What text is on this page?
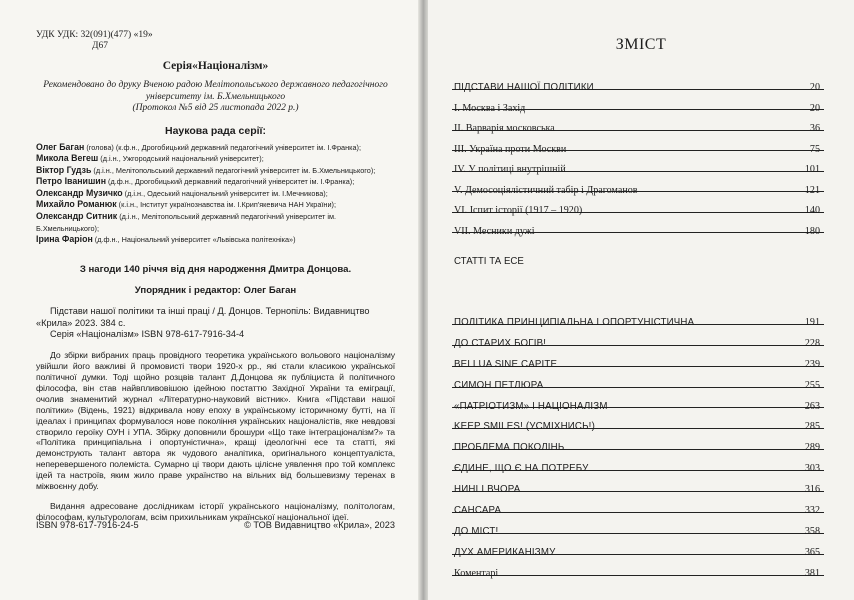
УДК УДК: 32(091)(477) «19»
Д67
Серія«Націоналізм»
Рекомендовано до друку Вченою радою Мелітопольського державного педагогічного
університету ім. Б.Хмельницького
(Протокол №5 від 25 листопада 2022 р.)
Наукова рада серії:
Олег Баган (голова) (к.ф.н., Дрогобицький державний педагогічний університет ім. І.Франка);
Микола Вегеш (д.і.н., Ужгородський національний університет);
Віктор Гудзь (д.і.н., Мелітопольський державний педагогічний університет ім. Б.Хмельницького);
Петро Іванишин (д.ф.н., Дрогобицький державний педагогічний університет ім. І.Франка);
Олександр Музичко (д.і.н., Одеський національний університет ім. І.Мечникова);
Михайло Романюк (к.і.н., Інститут українознавства ім. І.Крип'якевича НАН України);
Олександр Ситник (д.і.н., Мелітопольський державний педагогічний університет ім. Б.Хмельницького);
Ірина Фаріон (д.ф.н., Національний університет «Львівська політехніка»)
З нагоди 140 річчя від дня народження Дмитра Донцова.
Упорядник і редактор: Олег Баган
Підстави нашої політики та інші праці / Д. Донцов. Тернопіль: Видавництво «Крила» 2023. 384 с.
Серія «Націоналізм» ISBN 978-617-7916-34-4
До збірки вибраних праць провідного теоретика українського вольового націоналізму увійшли його важливі й промовисті твори 1920-х рр., які стали класикою української політичної думки. Тоді щойно розцвів талант Д.Донцова як публіциста й політичного філософа, він став найвпливовішою ідейною постаттю Західної України та еміграції, очолив знаменитий журнал «Літературно-науковий вістник». Книга «Підстави нашої політики» (Відень, 1921) відкривала нову епоху в українському історичному бутті, на її ідеалах і принципах формувалося нове покоління українських націоналістів, яке невдовзі створило героїку ОУН і УПА. Збірку доповнили брошури «Що таке інтеграціоналізм?» та «Політика принципіальна і опортуністична», кращі ідеологічні есе та статті, які демонструють талант автора як чудового аналітика, оригінального концептуаліста, неперевершеного полеміста. Сумарно ці твори дають цілісне уявлення про той комплекс ідей та настроїв, яким жило праве українство на вільних від большевизму теренах в міжвоєнну добу.
Видання адресоване дослідникам історії українського націоналізму, політологам, філософам, культурологам, всім прихильникам української національної ідеї.
ISBN 978-617-7916-24-5	© ТОВ Видавництво «Крила», 2023
ЗМІСТ
ПІДСТАВИ НАШОЇ ПОЛІТИКИ	20
I. Москва і Захід	20
II. Варварія московська	36
III. Україна проти Москви	75
IV. У політиці внутрішній	101
V. Демосоціялістичний табір і Драгоманов	121
VI. Іспит історії (1917 – 1920)	140
VII. Месники дужі	180
СТАТТІ ТА ЕСЕ
ПОЛІТИКА ПРИНЦИПІАЛЬНА І ОПОРТУНІСТИЧНА	191
ДО СТАРИХ БОГІВ!	228
BELLUA SINE CAPITE	239
СИМОН ПЕТЛЮРА	255
«ПАТРІОТИЗМ» І НАЦІОНАЛІЗМ	263
KEEP SMILES! (УСМІХНИСЬ!)	285
ПРОБЛЕМА ПОКОЛІНЬ	289
ЄДИНЕ, ЩО Є НА ПОТРЕБУ	303
НИНІ І ВЧОРА	316
САНСАРА	332
ДО МІСТ!	358
ДУХ АМЕРИКАНІЗМУ	365
Коментарі	381
